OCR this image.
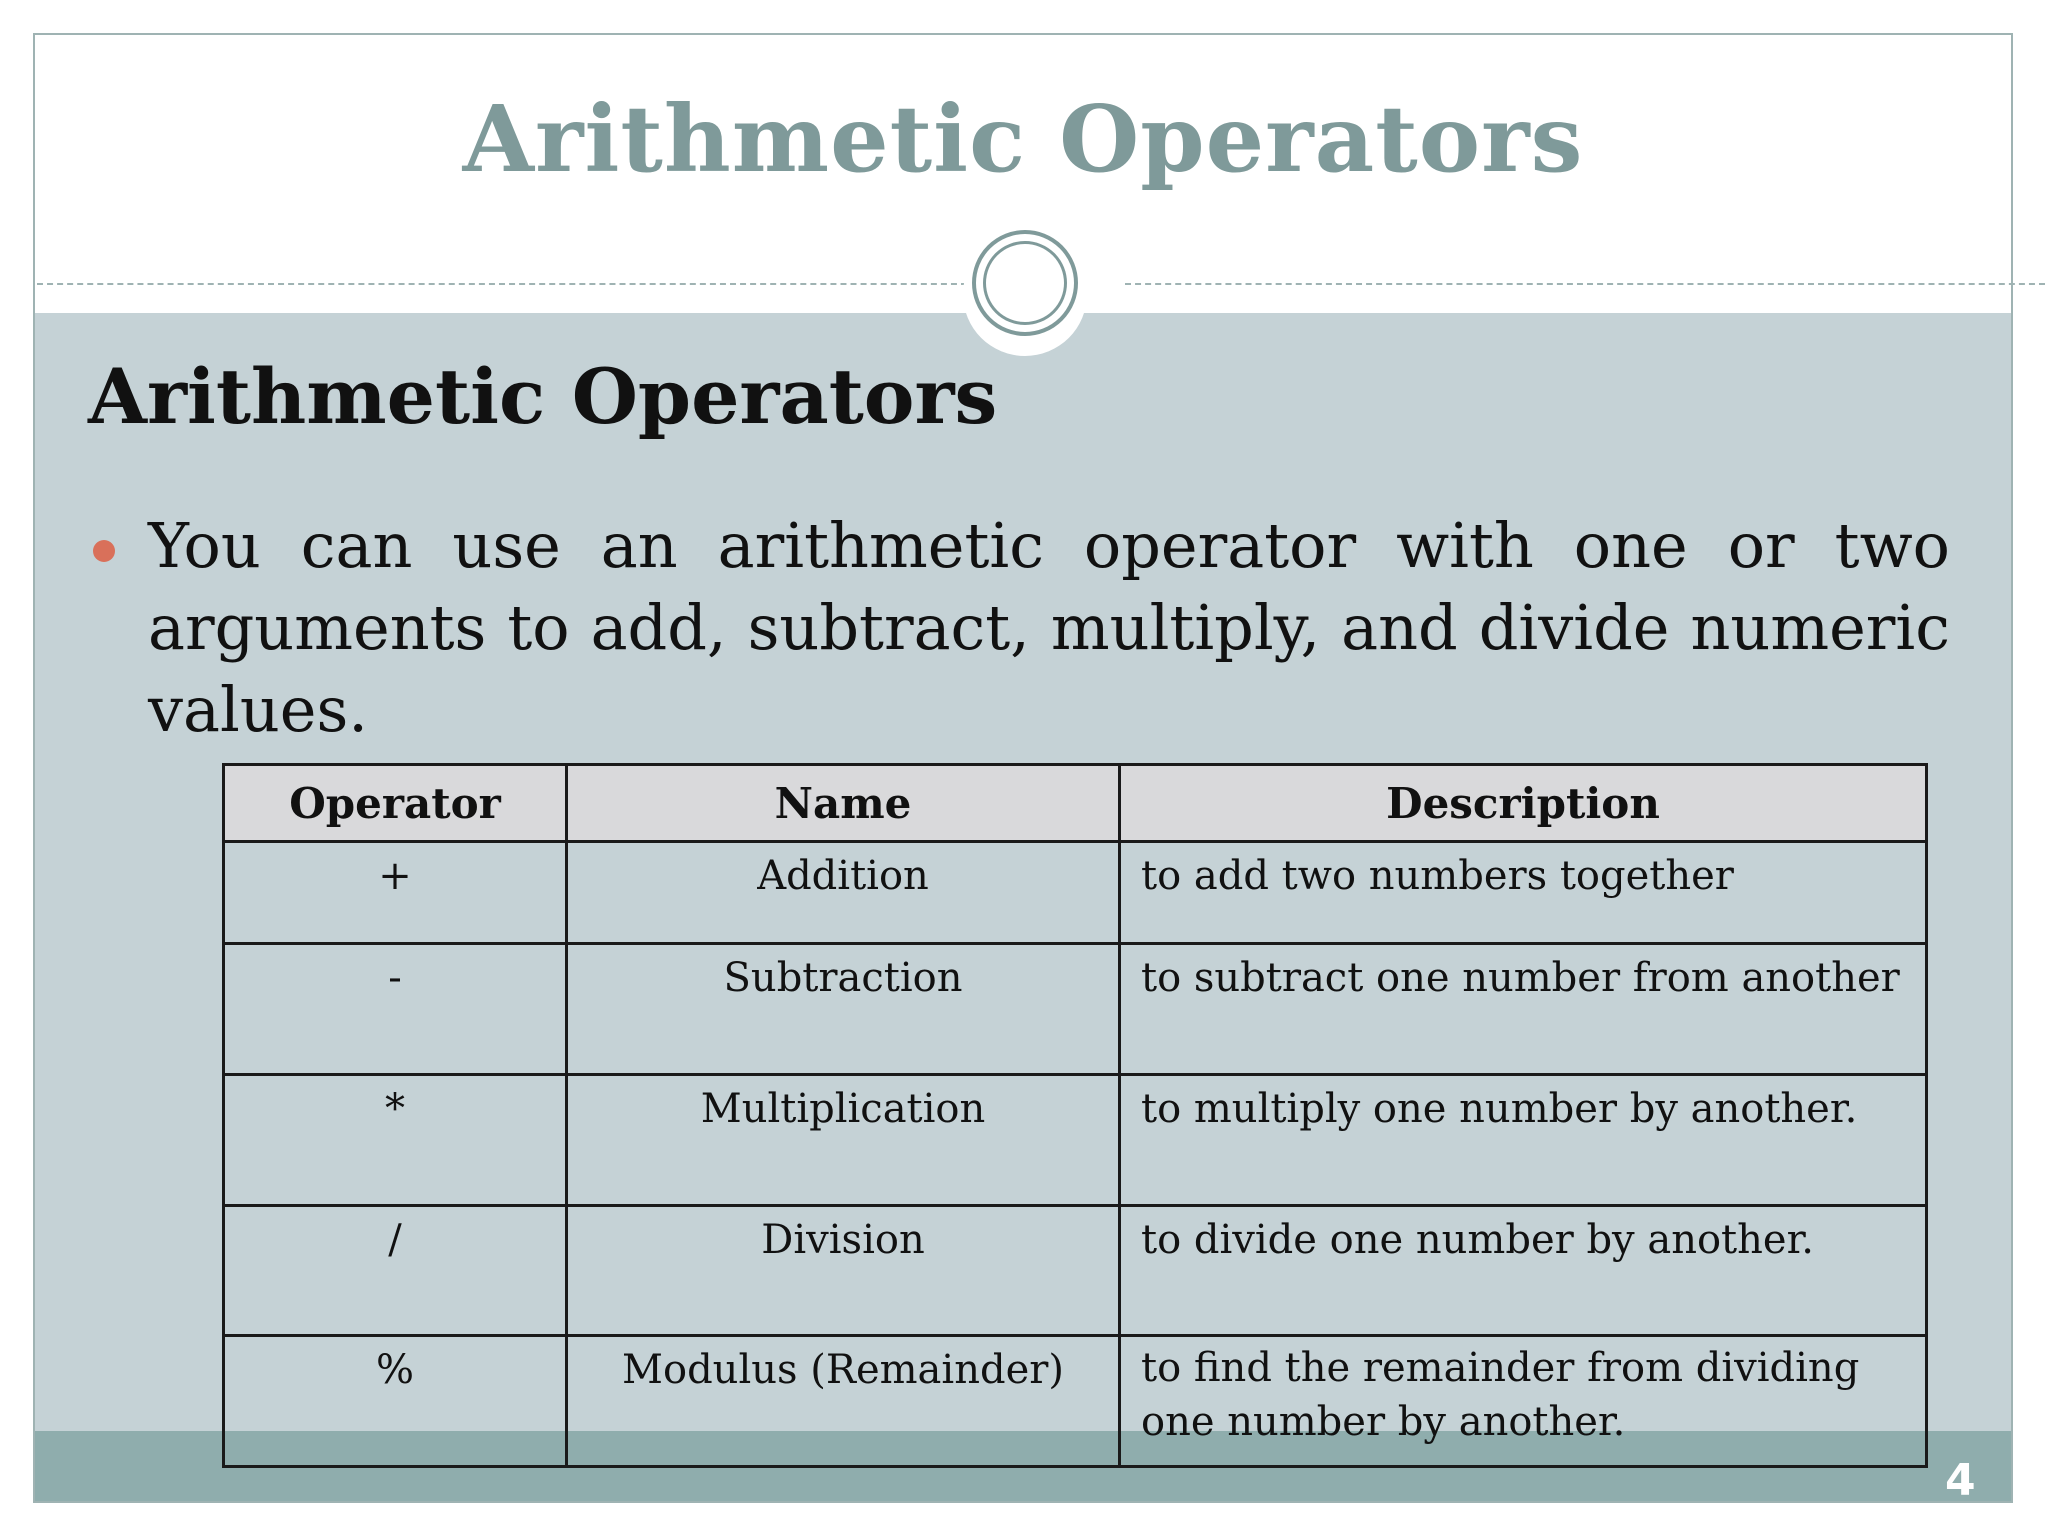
Arithmetic Operators
Arithmetic Operators

You can use an arithmetic operator with one or two arguments to add, subtract, multiply, and divide numeric values.

Operator	Name	Description
+	Addition	to add two numbers together
-	Subtraction	to subtract one number from another
*	Multiplication	to multiply one number by another.
/	Division	to divide one number by another.
%	Modulus (Remainder)	to find the remainder from dividing one number by another.
4
